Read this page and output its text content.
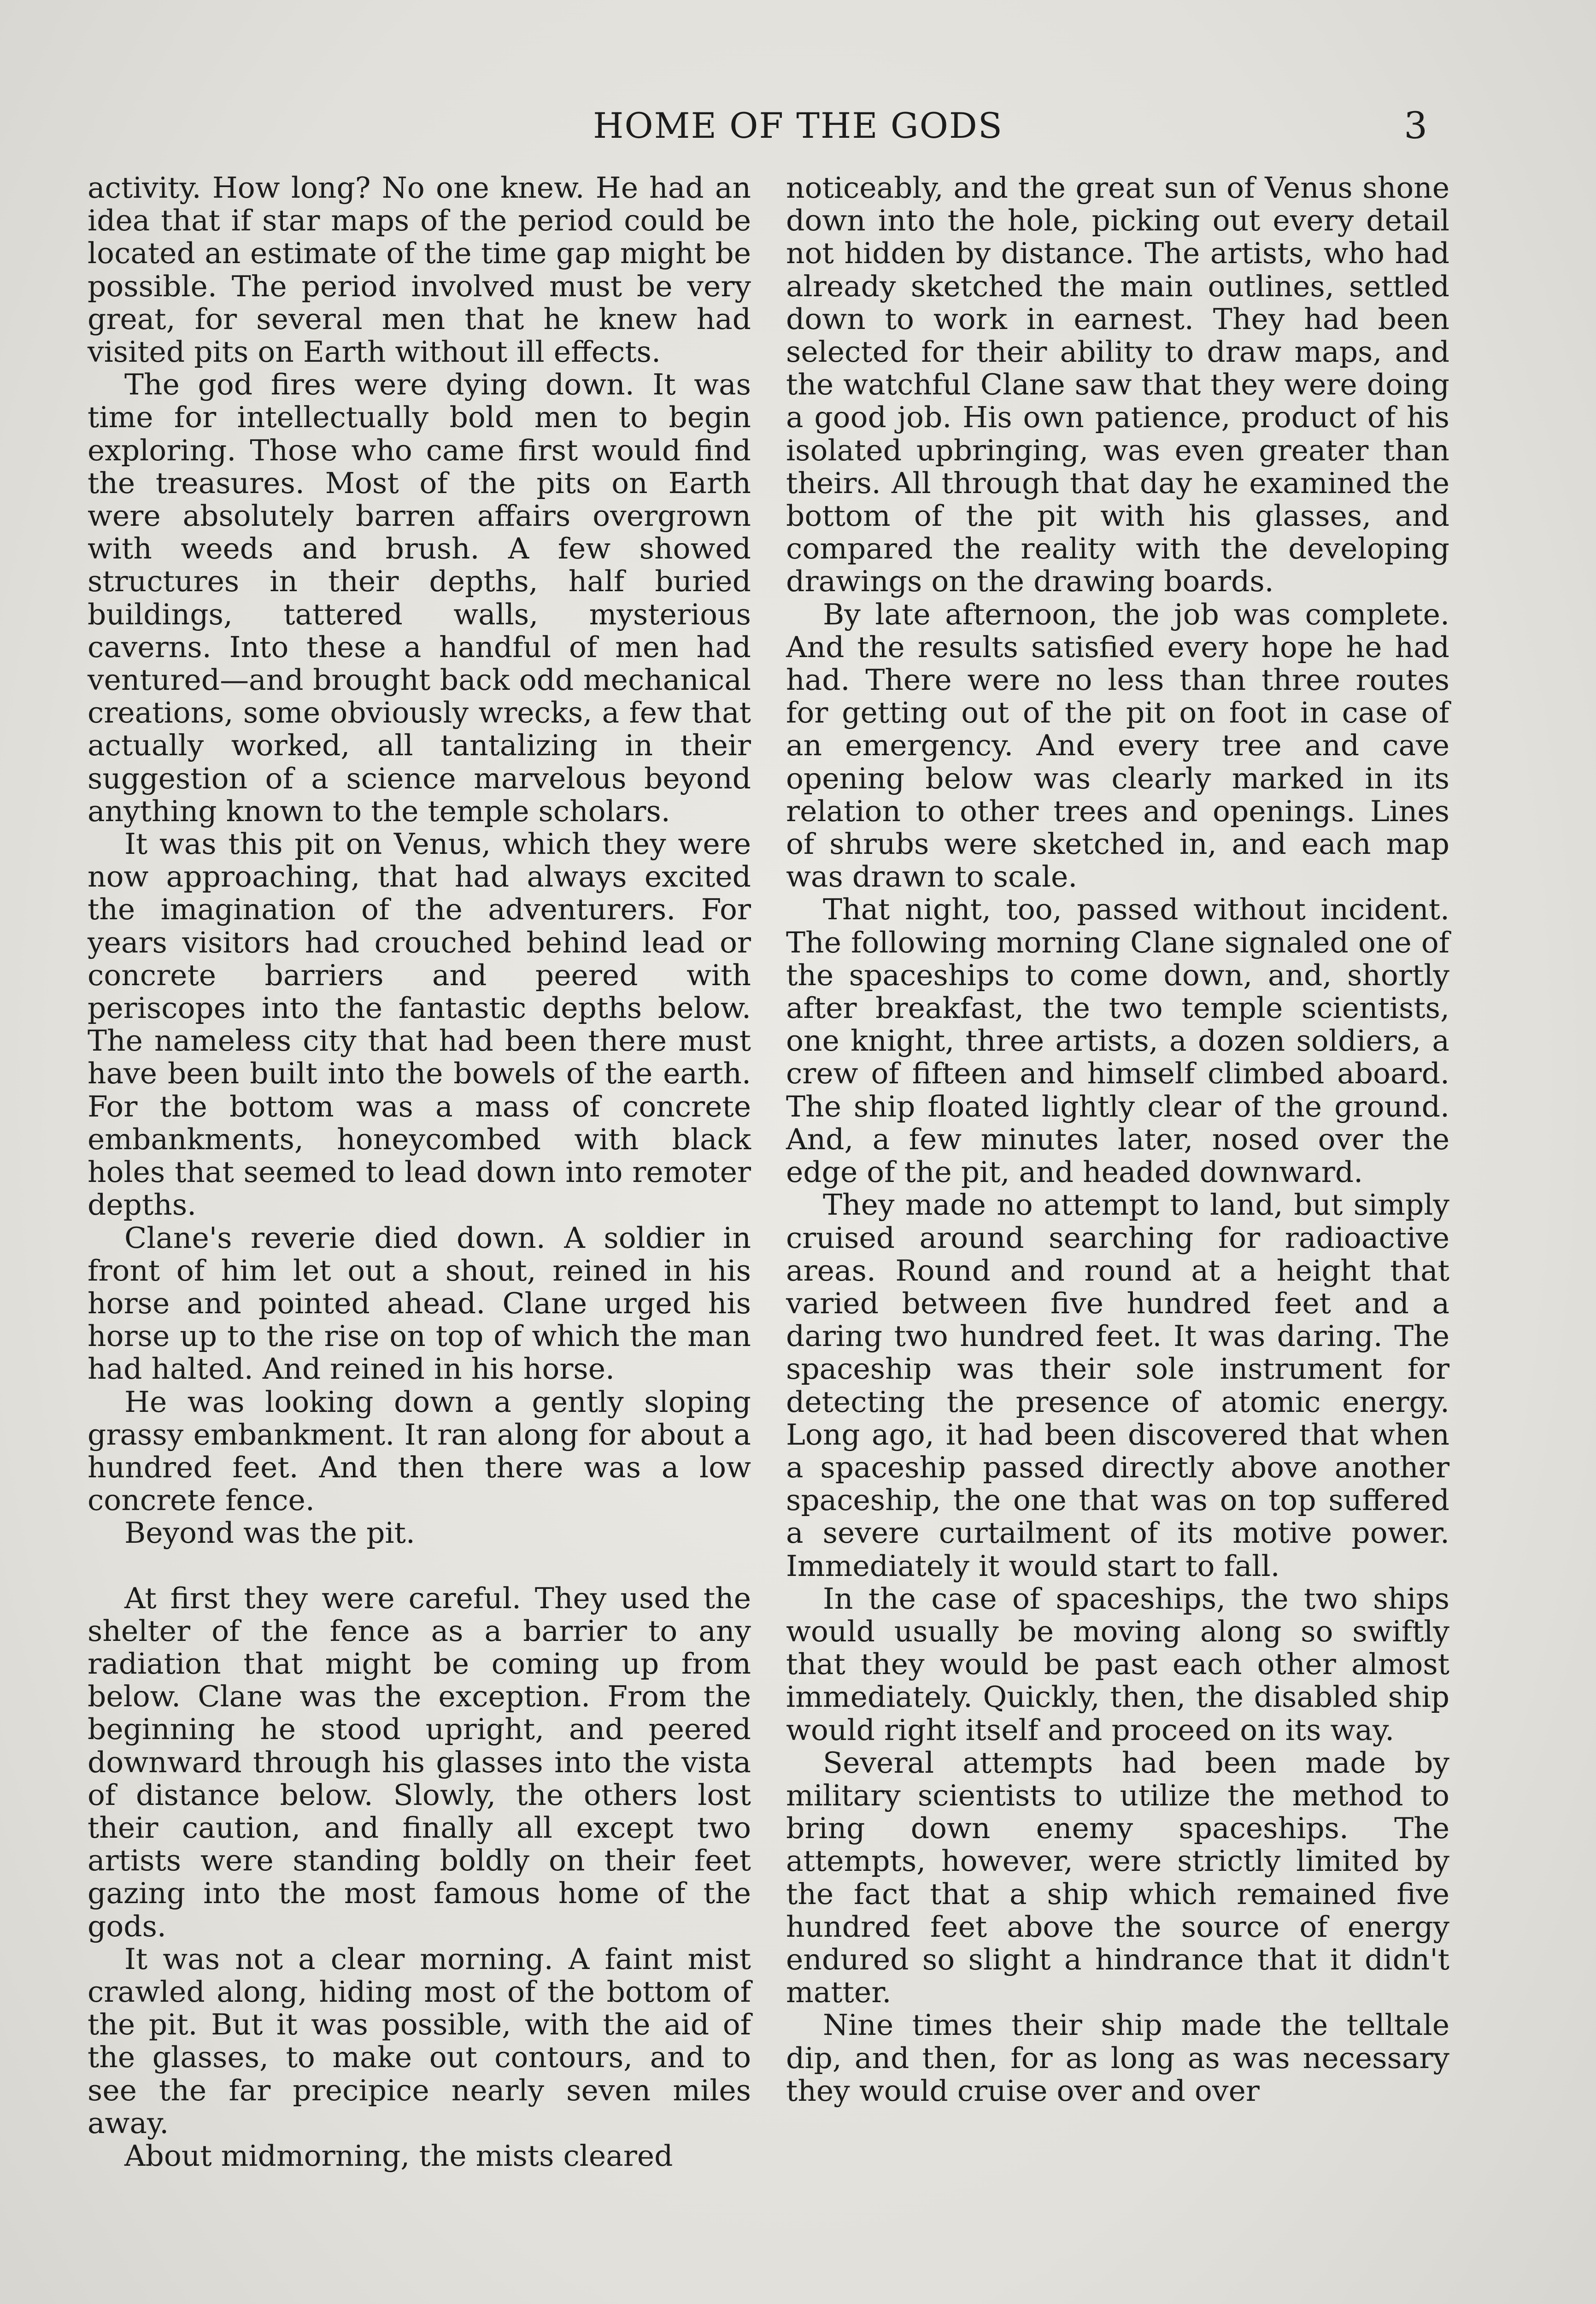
HOME OF THE GODS	3

activity. How long? No one knew. He had an idea that if star maps of the period could be located an estimate of the time gap might be possible. The period involved must be very great, for several men that he knew had visited pits on Earth without ill effects.

The god fires were dying down. It was time for intellectually bold men to begin exploring. Those who came first would find the treasures. Most of the pits on Earth were absolutely barren affairs overgrown with weeds and brush. A few showed structures in their depths, half buried buildings, tattered walls, mysterious caverns. Into these a handful of men had ventured—and brought back odd mechanical creations, some obviously wrecks, a few that actually worked, all tantalizing in their suggestion of a science marvelous beyond anything known to the temple scholars.

It was this pit on Venus, which they were now approaching, that had always excited the imagination of the adventurers. For years visitors had crouched behind lead or concrete barriers and peered with periscopes into the fantastic depths below. The nameless city that had been there must have been built into the bowels of the earth. For the bottom was a mass of concrete embankments, honeycombed with black holes that seemed to lead down into remoter depths.

Clane's reverie died down. A soldier in front of him let out a shout, reined in his horse and pointed ahead. Clane urged his horse up to the rise on top of which the man had halted. And reined in his horse.

He was looking down a gently sloping grassy embankment. It ran along for about a hundred feet. And then there was a low concrete fence.

Beyond was the pit.

At first they were careful. They used the shelter of the fence as a barrier to any radiation that might be coming up from below. Clane was the exception. From the beginning he stood upright, and peered downward through his glasses into the vista of distance below. Slowly, the others lost their caution, and finally all except two artists were standing boldly on their feet gazing into the most famous home of the gods.

It was not a clear morning. A faint mist crawled along, hiding most of the bottom of the pit. But it was possible, with the aid of the glasses, to make out contours, and to see the far precipice nearly seven miles away.

About midmorning, the mists cleared

noticeably, and the great sun of Venus shone down into the hole, picking out every detail not hidden by distance. The artists, who had already sketched the main outlines, settled down to work in earnest. They had been selected for their ability to draw maps, and the watchful Clane saw that they were doing a good job. His own patience, product of his isolated upbringing, was even greater than theirs. All through that day he examined the bottom of the pit with his glasses, and compared the reality with the developing drawings on the drawing boards.

By late afternoon, the job was complete. And the results satisfied every hope he had had. There were no less than three routes for getting out of the pit on foot in case of an emergency. And every tree and cave opening below was clearly marked in its relation to other trees and openings. Lines of shrubs were sketched in, and each map was drawn to scale.

That night, too, passed without incident. The following morning Clane signaled one of the spaceships to come down, and, shortly after breakfast, the two temple scientists, one knight, three artists, a dozen soldiers, a crew of fifteen and himself climbed aboard. The ship floated lightly clear of the ground. And, a few minutes later, nosed over the edge of the pit, and headed downward.

They made no attempt to land, but simply cruised around searching for radioactive areas. Round and round at a height that varied between five hundred feet and a daring two hundred feet. It was daring. The spaceship was their sole instrument for detecting the presence of atomic energy. Long ago, it had been discovered that when a spaceship passed directly above another spaceship, the one that was on top suffered a severe curtailment of its motive power. Immediately it would start to fall.

In the case of spaceships, the two ships would usually be moving along so swiftly that they would be past each other almost immediately. Quickly, then, the disabled ship would right itself and proceed on its way.

Several attempts had been made by military scientists to utilize the method to bring down enemy spaceships. The attempts, however, were strictly limited by the fact that a ship which remained five hundred feet above the source of energy endured so slight a hindrance that it didn't matter.

Nine times their ship made the telltale dip, and then, for as long as was necessary they would cruise over and over
